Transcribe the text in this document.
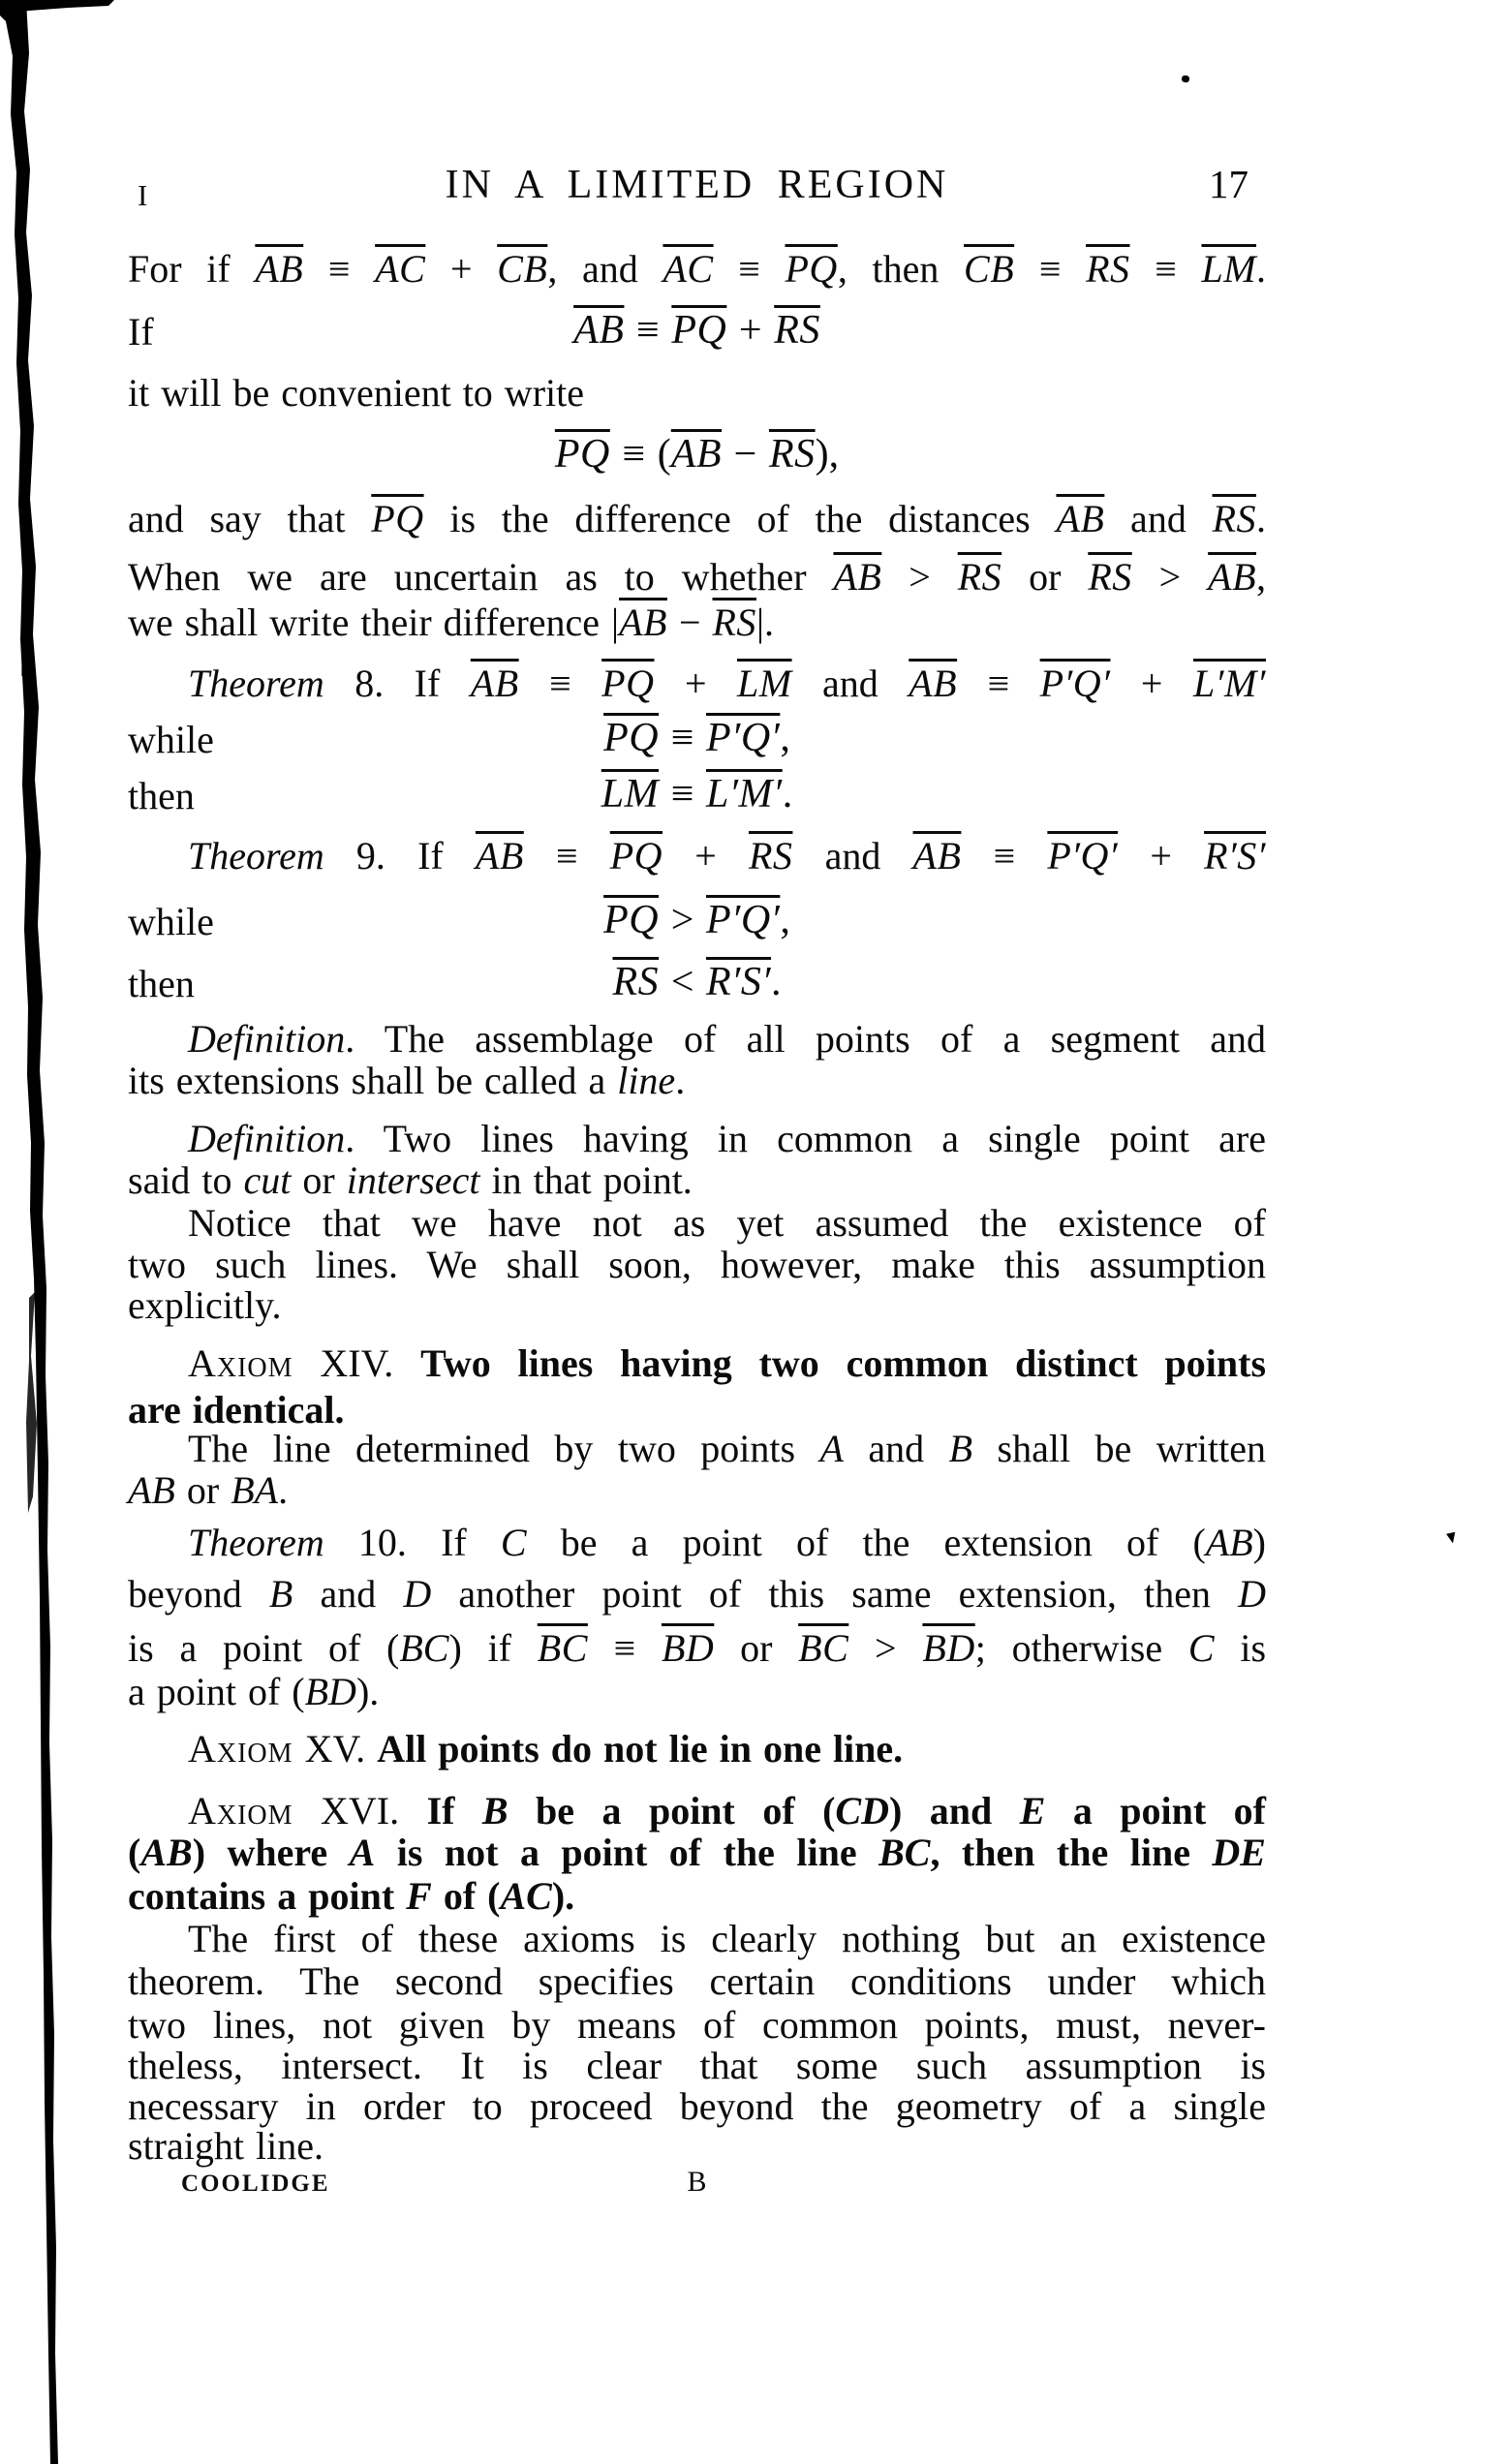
▾
I	IN A LIMITED REGION	17
For if $\overline{AB} \equiv \overline{AC} + \overline{CB}$, and $\overline{AC} \equiv \overline{PQ}$, then $\overline{CB} \equiv \overline{RS} \equiv \overline{LM}$.
If	$\overline{AB} \equiv \overline{PQ} + \overline{RS}$
it will be convenient to write
$\overline{PQ} \equiv (\overline{AB} - \overline{RS})$,
and say that $\overline{PQ}$ is the difference of the distances $\overline{AB}$ and $\overline{RS}$.
When we are uncertain as to whether $\overline{AB} > \overline{RS}$ or $\overline{RS} > \overline{AB}$,
we shall write their difference $|\overline{AB} - \overline{RS}|$.
Theorem 8. If $\overline{AB} \equiv \overline{PQ} + \overline{LM}$ and $\overline{AB} \equiv P'Q' + L'M'$
while	$\overline{PQ} \equiv P'Q'$,
then	$\overline{LM} \equiv L'M'$.
Theorem 9. If $\overline{AB} \equiv \overline{PQ} + \overline{RS}$ and $\overline{AB} \equiv P'Q' + R'S'$
while	$\overline{PQ} > P'Q'$,
then	$\overline{RS} < R'S'$.
Definition. The assemblage of all points of a segment and
its extensions shall be called a line.
Definition. Two lines having in common a single point are
said to cut or intersect in that point.
Notice that we have not as yet assumed the existence of
two such lines. We shall soon, however, make this assumption
explicitly.
Axiom XIV. Two lines having two common distinct points
are identical.
The line determined by two points A and B shall be written
AB or BA.
Theorem 10. If C be a point of the extension of (AB)
beyond B and D another point of this same extension, then D
is a point of (BC) if $\overline{BC} \equiv \overline{BD}$ or $\overline{BC} > \overline{BD}$; otherwise C is
a point of (BD).
Axiom XV. All points do not lie in one line.
Axiom XVI. If B be a point of (CD) and E a point of
(AB) where A is not a point of the line BC, then the line DE
contains a point F of (AC).
The first of these axioms is clearly nothing but an existence
theorem. The second specifies certain conditions under which
two lines, not given by means of common points, must, never-
theless, intersect. It is clear that some such assumption is
necessary in order to proceed beyond the geometry of a single
straight line.
COOLIDGE	B
